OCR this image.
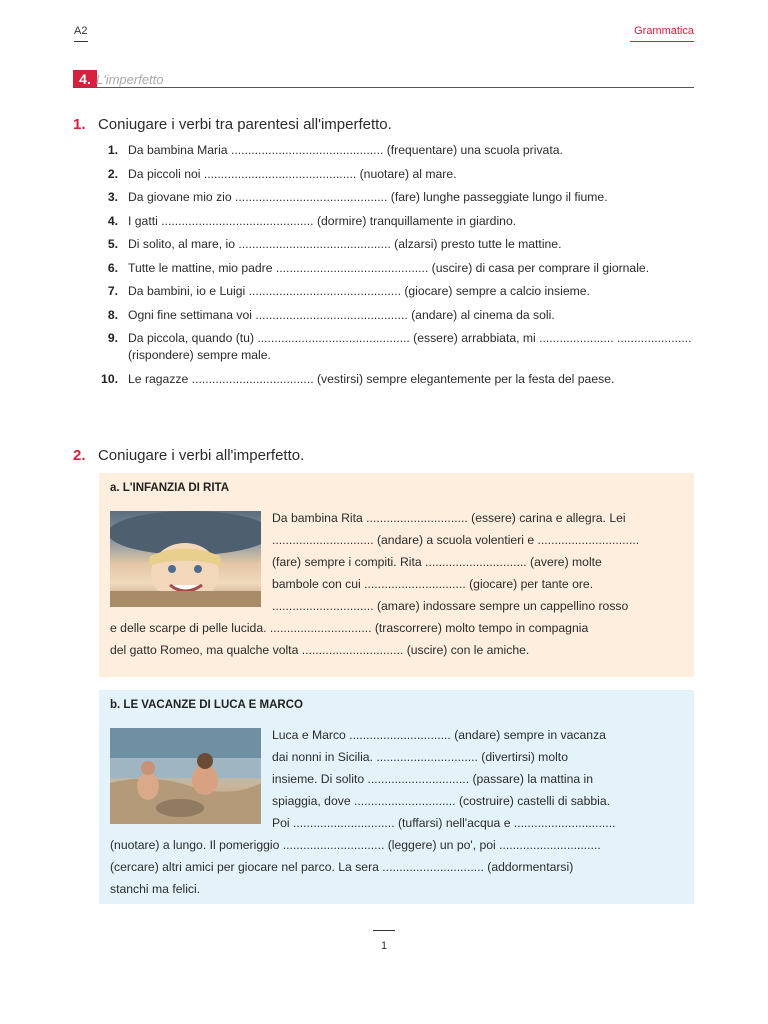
A2	Grammatica
4. L'imperfetto
1. Coniugare i verbi tra parentesi all'imperfetto.
1. Da bambina Maria ............................................. (frequentare) una scuola privata.
2. Da piccoli noi ............................................. (nuotare) al mare.
3. Da giovane mio zio ............................................. (fare) lunghe passeggiate lungo il fiume.
4. I gatti ............................................. (dormire) tranquillamente in giardino.
5. Di solito, al mare, io ............................................. (alzarsi) presto tutte le mattine.
6. Tutte le mattine, mio padre ............................................. (uscire) di casa per comprare il giornale.
7. Da bambini, io e Luigi ............................................. (giocare) sempre a calcio insieme.
8. Ogni fine settimana voi ............................................. (andare) al cinema da soli.
9. Da piccola, quando (tu) ............................................. (essere) arrabbiata, mi ...................... ...................... (rispondere) sempre male.
10. Le ragazze .................................... (vestirsi) sempre elegantemente per la festa del paese.
2. Coniugare i verbi all'imperfetto.
a. L'INFANZIA DI RITA
Da bambina Rita .............................. (essere) carina e allegra. Lei
.............................. (andare) a scuola volentieri e ..............................
(fare) sempre i compiti. Rita .............................. (avere) molte
bambole con cui .............................. (giocare) per tante ore.
.............................. (amare) indossare sempre un cappellino rosso
e delle scarpe di pelle lucida. .............................. (trascorrere) molto tempo in compagnia
del gatto Romeo, ma qualche volta .............................. (uscire) con le amiche.
b. LE VACANZE DI LUCA E MARCO
Luca e Marco .............................. (andare) sempre in vacanza
dai nonni in Sicilia. .............................. (divertirsi) molto
insieme. Di solito .............................. (passare) la mattina in
spiaggia, dove .............................. (costruire) castelli di sabbia.
Poi .............................. (tuffarsi) nell'acqua e ..............................
(nuotare) a lungo. Il pomeriggio .............................. (leggere) un po', poi ..............................
(cercare) altri amici per giocare nel parco. La sera .............................. (addormentarsi)
stanchi ma felici.
1
